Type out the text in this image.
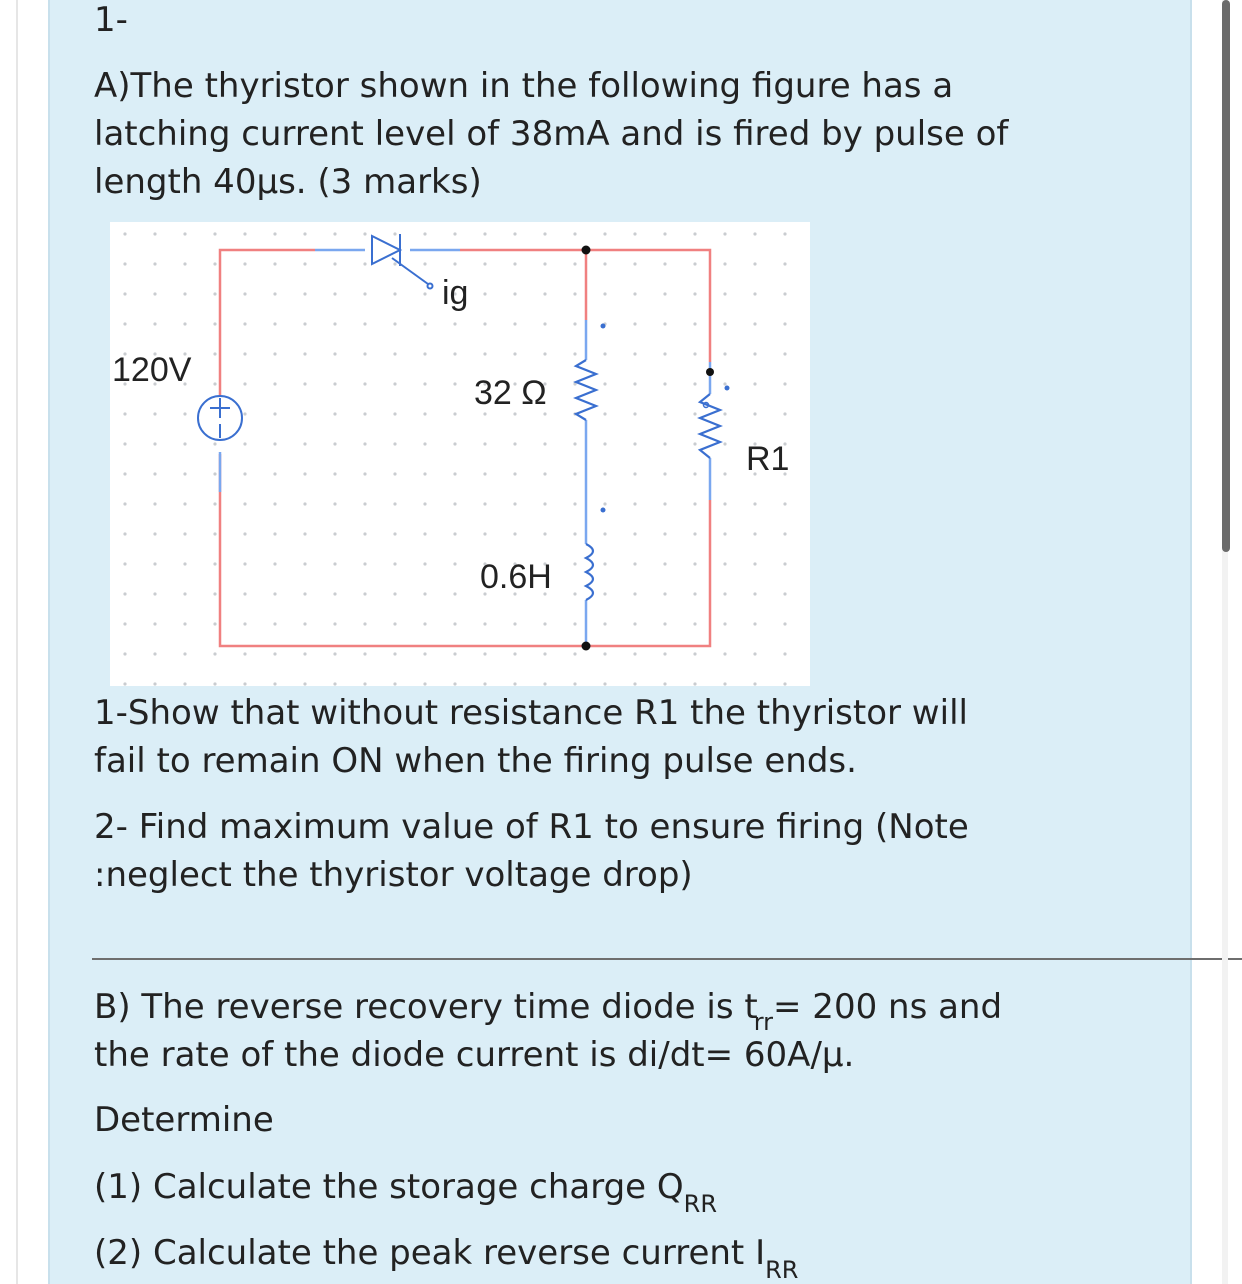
1-

A)The thyristor shown in the following figure has a

latching current level of 38mA and is fired by pulse of

length 40µs. (3 marks)

120V
ig
32 Ω
0.6H
R1

1-Show that without resistance R1 the thyristor will

fail to remain ON when the firing pulse ends.

2- Find maximum value of R1 to ensure firing (Note

:neglect the thyristor voltage drop)

B) The reverse recovery time diode is $t_{rr}= 200$ ns and

the rate of the diode current is di/dt= 60A/µ.

Determine

(1) Calculate the storage charge $Q_{RR}$

(2) Calculate the peak reverse current $I_{RR}$
